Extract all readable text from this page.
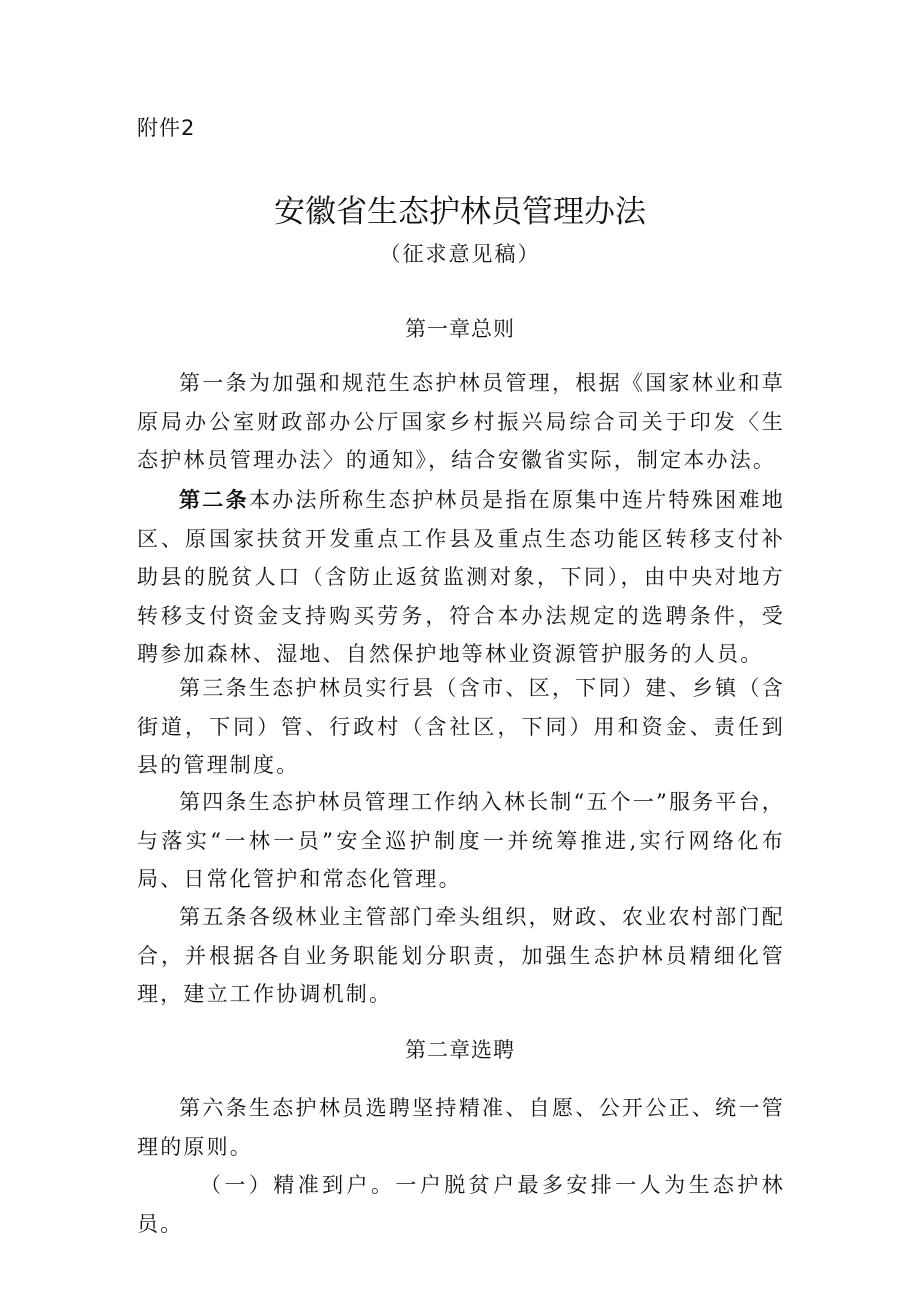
附件2
安徽省生态护林员管理办法
（征求意见稿）
第一章总则

第一条为加强和规范生态护林员管理，根据《国家林业和草原局办公室财政部办公厅国家乡村振兴局综合司关于印发〈生态护林员管理办法〉的通知》，结合安徽省实际，制定本办法。

第二条本办法所称生态护林员是指在原集中连片特殊困难地区、原国家扶贫开发重点工作县及重点生态功能区转移支付补助县的脱贫人口（含防止返贫监测对象，下同），由中央对地方转移支付资金支持购买劳务，符合本办法规定的选聘条件，受聘参加森林、湿地、自然保护地等林业资源管护服务的人员。

第三条生态护林员实行县（含市、区，下同）建、乡镇（含街道，下同）管、行政村（含社区，下同）用和资金、责任到县的管理制度。

第四条生态护林员管理工作纳入林长制“五个一”服务平台，与落实“一林一员”安全巡护制度一并统筹推进,实行网络化布局、日常化管护和常态化管理。

第五条各级林业主管部门牵头组织，财政、农业农村部门配合，并根据各自业务职能划分职责，加强生态护林员精细化管理，建立工作协调机制。

第二章选聘

第六条生态护林员选聘坚持精准、自愿、公开公正、统一管理的原则。

（一）精准到户。一户脱贫户最多安排一人为生态护林员。
